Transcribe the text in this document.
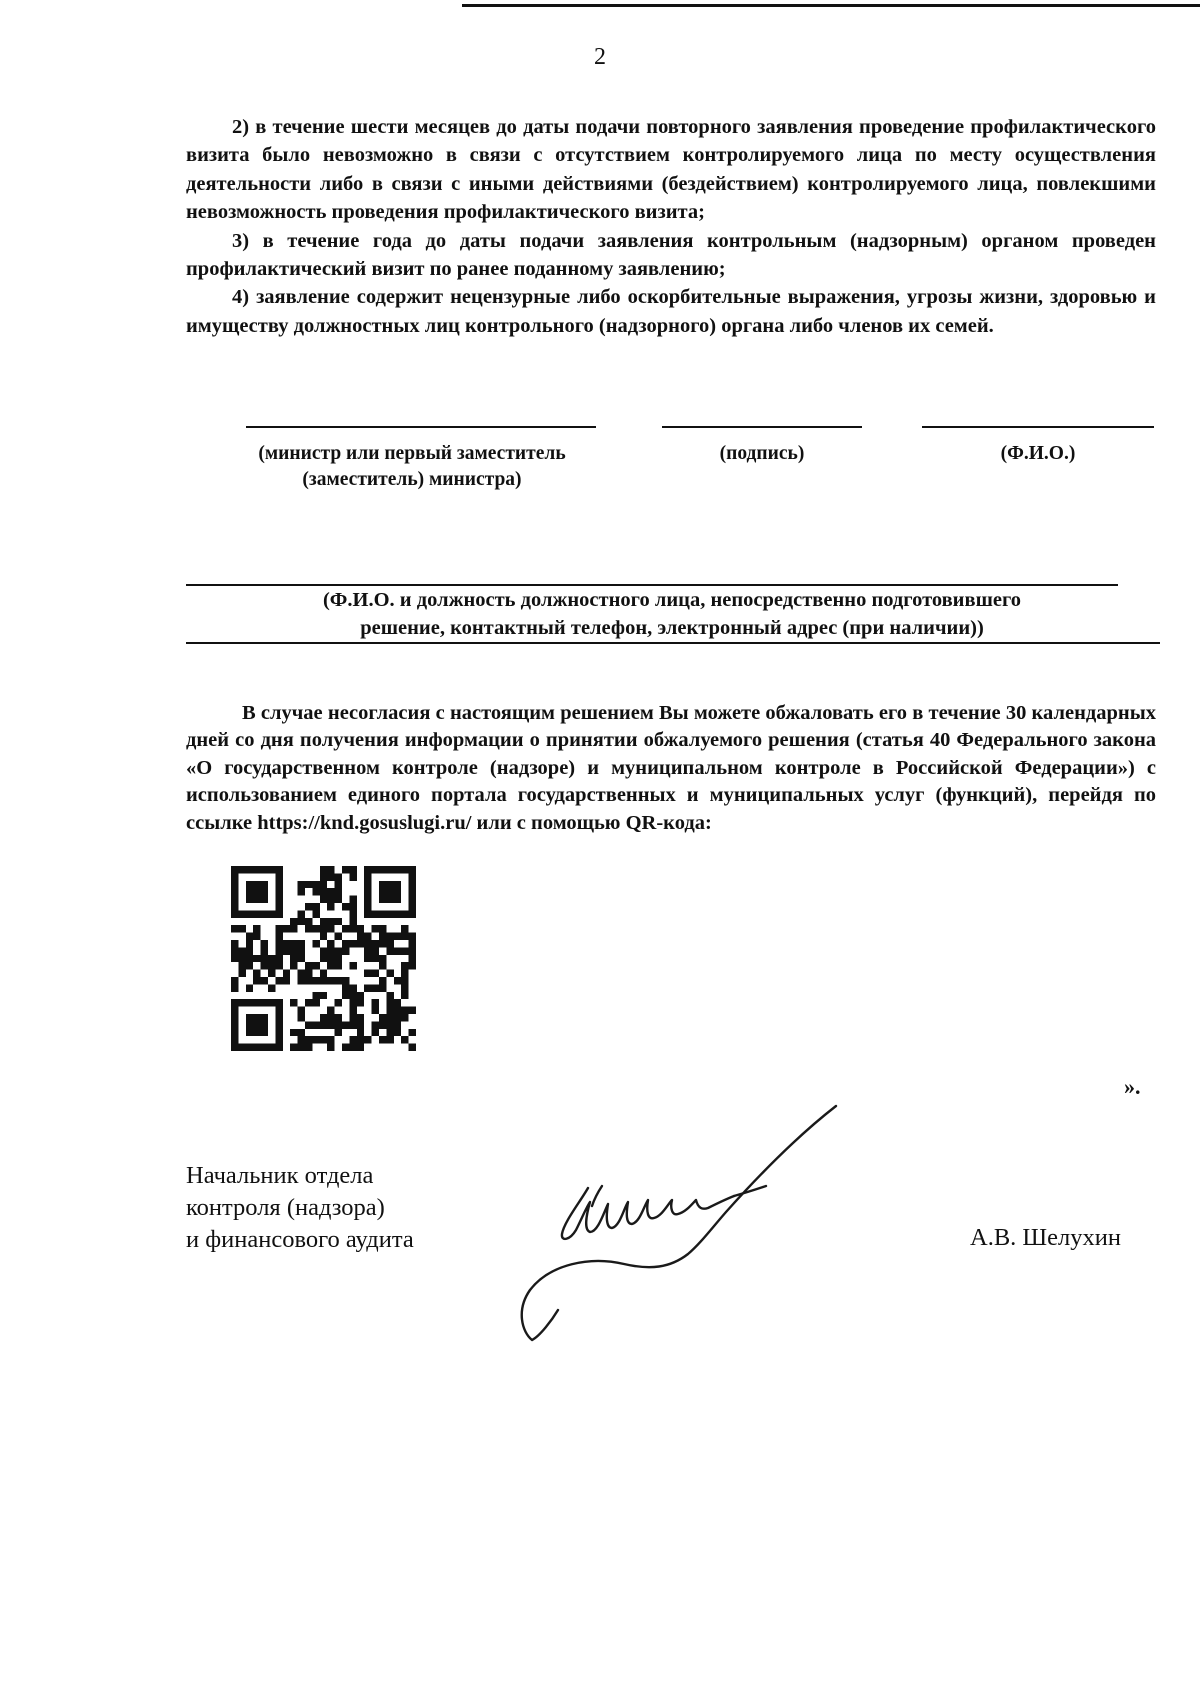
2

2) в течение шести месяцев до даты подачи повторного заявления проведение профилактического визита было невозможно в связи с отсутствием контролируемого лица по месту осуществления деятельности либо в связи с иными действиями (бездействием) контролируемого лица, повлекшими невозможность проведения профилактического визита;

3) в течение года до даты подачи заявления контрольным (надзорным) органом проведен профилактический визит по ранее поданному заявлению;

4) заявление содержит нецензурные либо оскорбительные выражения, угрозы жизни, здоровью и имуществу должностных лиц контрольного (надзорного) органа либо членов их семей.

(министр или первый заместитель
(заместитель) министра)
(подпись)	(Ф.И.О.)
(Ф.И.О. и должность должностного лица, непосредственно подготовившего
решение, контактный телефон, электронный адрес (при наличии))

В случае несогласия с настоящим решением Вы можете обжаловать его в течение 30 календарных дней со дня получения информации о принятии обжалуемого решения (статья 40 Федерального закона «О государственном контроле (надзоре) и муниципальном контроле в Российской Федерации») с использованием единого портала государственных и муниципальных услуг (функций), перейдя по ссылке https://knd.gosuslugi.ru/ или с помощью QR-кода:

».
Начальник отдела
контроля (надзора)
и финансового аудита	А.В. Шелухин
